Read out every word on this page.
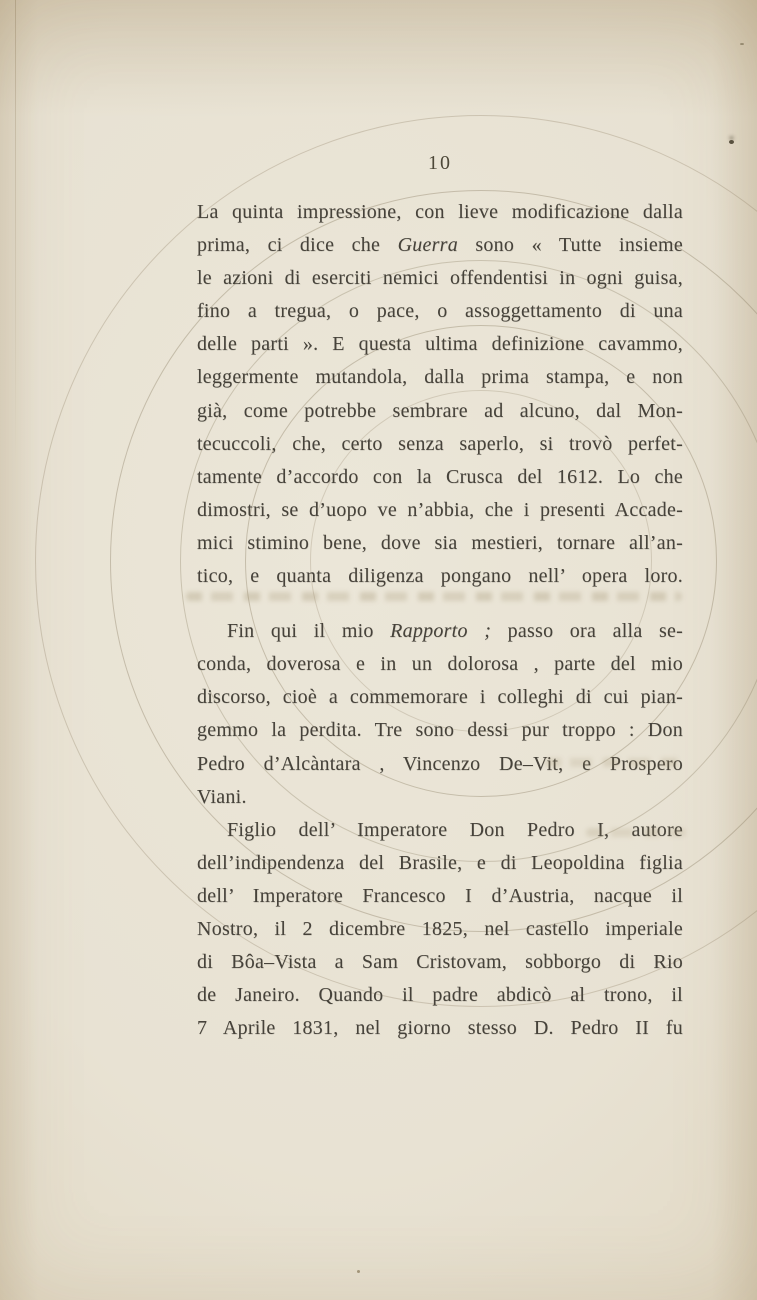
10
La quinta impressione, con lieve modificazione dalla
prima, ci dice che Guerra sono « Tutte insieme
le azioni di eserciti nemici offendentisi in ogni guisa,
fino a tregua, o pace, o assoggettamento di una
delle parti ». E questa ultima definizione cavammo,
leggermente mutandola, dalla prima stampa, e non
già, come potrebbe sembrare ad alcuno, dal Mon-
tecuccoli, che, certo senza saperlo, si trovò perfet-
tamente d’accordo con la Crusca del 1612. Lo che
dimostri, se d’uopo ve n’abbia, che i presenti Accade-
mici stimino bene, dove sia mestieri, tornare all’an-
tico, e quanta diligenza pongano nell’ opera loro.
Fin qui il mio Rapporto ; passo ora alla se-
conda, doverosa e in un dolorosa , parte del mio
discorso, cioè a commemorare i colleghi di cui pian-
gemmo la perdita. Tre sono dessi pur troppo : Don
Pedro d’Alcàntara , Vincenzo De–Vit, e Prospero
Viani.
Figlio dell’ Imperatore Don Pedro I, autore
dell’indipendenza del Brasile, e di Leopoldina figlia
dell’ Imperatore Francesco I d’Austria, nacque il
Nostro, il 2 dicembre 1825, nel castello imperiale
di Bôa–Vista a Sam Cristovam, sobborgo di Rio
de Janeiro. Quando il padre abdicò al trono, il
7 Aprile 1831, nel giorno stesso D. Pedro II fu
